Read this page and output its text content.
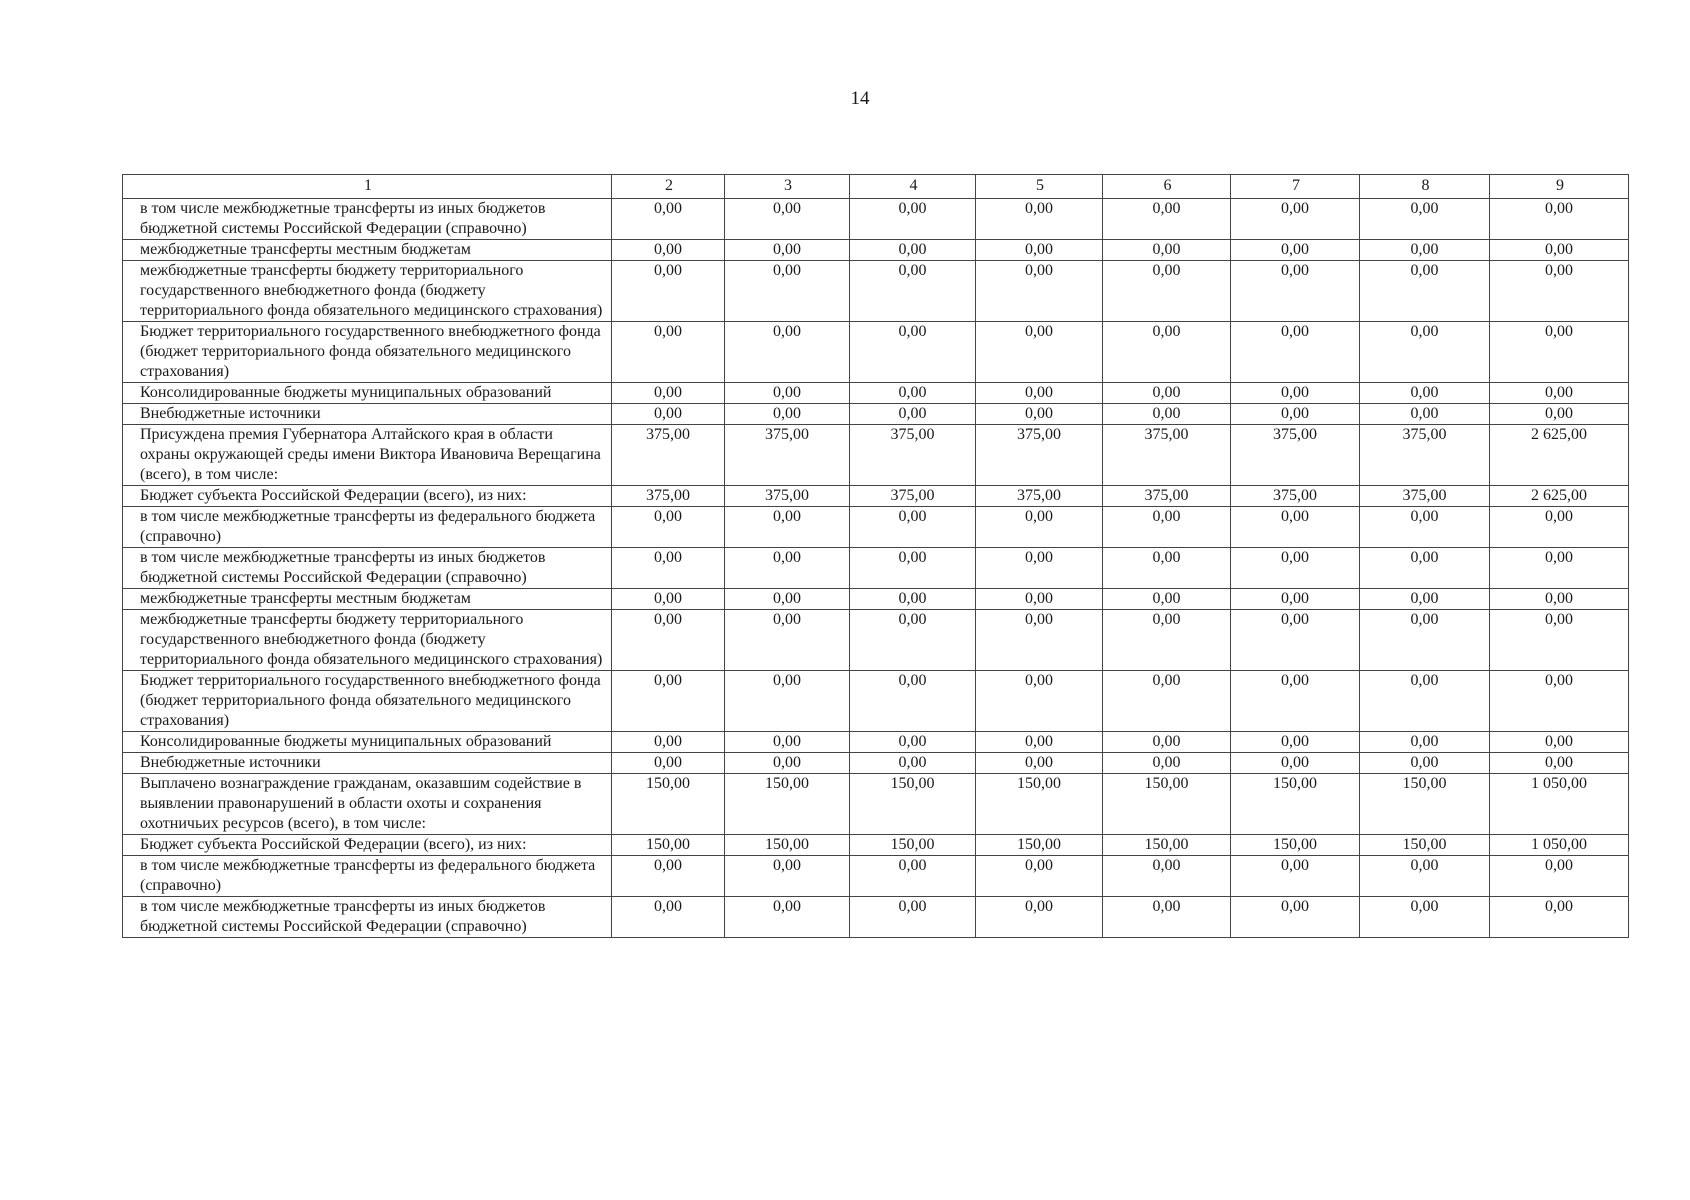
14
1	2	3	4	5	6	7	8	9
в том числе межбюджетные трансферты из иных бюджетов бюджетной системы Российской Федерации (справочно)	0,00	0,00	0,00	0,00	0,00	0,00	0,00	0,00
межбюджетные трансферты местным бюджетам	0,00	0,00	0,00	0,00	0,00	0,00	0,00	0,00
межбюджетные трансферты бюджету территориального государственного внебюджетного фонда (бюджету территориального фонда обязательного медицинского страхования)	0,00	0,00	0,00	0,00	0,00	0,00	0,00	0,00
Бюджет территориального государственного внебюджетного фонда (бюджет территориального фонда обязательного медицинского страхования)	0,00	0,00	0,00	0,00	0,00	0,00	0,00	0,00
Консолидированные бюджеты муниципальных образований	0,00	0,00	0,00	0,00	0,00	0,00	0,00	0,00
Внебюджетные источники	0,00	0,00	0,00	0,00	0,00	0,00	0,00	0,00
Присуждена премия Губернатора Алтайского края в области охраны окружающей среды имени Виктора Ивановича Верещагина (всего), в том числе:	375,00	375,00	375,00	375,00	375,00	375,00	375,00	2 625,00
Бюджет субъекта Российской Федерации (всего), из них:	375,00	375,00	375,00	375,00	375,00	375,00	375,00	2 625,00
в том числе межбюджетные трансферты из федерального бюджета (справочно)	0,00	0,00	0,00	0,00	0,00	0,00	0,00	0,00
в том числе межбюджетные трансферты из иных бюджетов бюджетной системы Российской Федерации (справочно)	0,00	0,00	0,00	0,00	0,00	0,00	0,00	0,00
межбюджетные трансферты местным бюджетам	0,00	0,00	0,00	0,00	0,00	0,00	0,00	0,00
межбюджетные трансферты бюджету территориального государственного внебюджетного фонда (бюджету территориального фонда обязательного медицинского страхования)	0,00	0,00	0,00	0,00	0,00	0,00	0,00	0,00
Бюджет территориального государственного внебюджетного фонда (бюджет территориального фонда обязательного медицинского страхования)	0,00	0,00	0,00	0,00	0,00	0,00	0,00	0,00
Консолидированные бюджеты муниципальных образований	0,00	0,00	0,00	0,00	0,00	0,00	0,00	0,00
Внебюджетные источники	0,00	0,00	0,00	0,00	0,00	0,00	0,00	0,00
Выплачено вознаграждение гражданам, оказавшим содействие в выявлении правонарушений в области охоты и сохранения охотничьих ресурсов (всего), в том числе:	150,00	150,00	150,00	150,00	150,00	150,00	150,00	1 050,00
Бюджет субъекта Российской Федерации (всего), из них:	150,00	150,00	150,00	150,00	150,00	150,00	150,00	1 050,00
в том числе межбюджетные трансферты из федерального бюджета (справочно)	0,00	0,00	0,00	0,00	0,00	0,00	0,00	0,00
в том числе межбюджетные трансферты из иных бюджетов бюджетной системы Российской Федерации (справочно)	0,00	0,00	0,00	0,00	0,00	0,00	0,00	0,00
